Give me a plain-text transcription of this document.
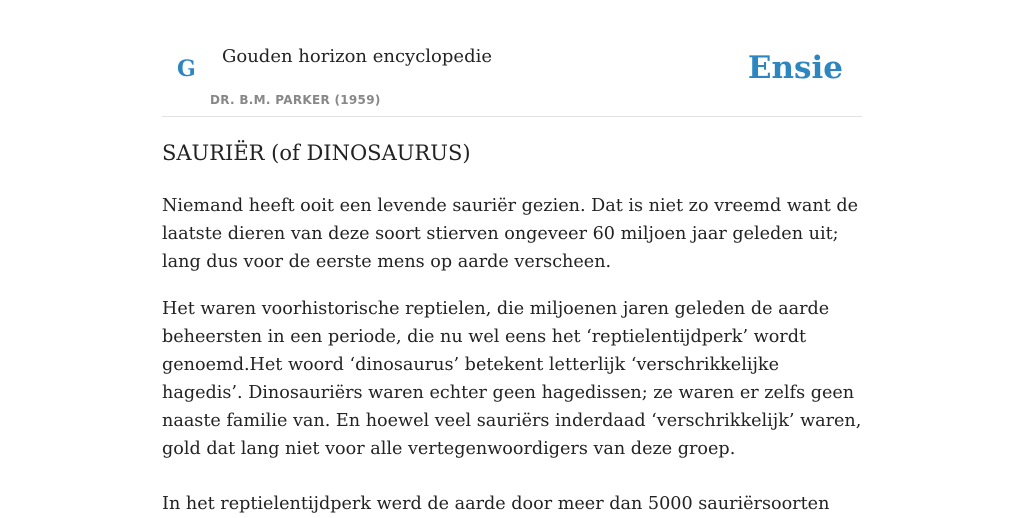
G Gouden horizon encyclopedie
DR. B.M. PARKER (1959)
Ensie
SAURIËR (of DINOSAURUS)

Niemand heeft ooit een levende sauriër gezien. Dat is niet zo vreemd want de laatste dieren van deze soort stierven ongeveer 60 miljoen jaar geleden uit; lang dus voor de eerste mens op aarde verscheen.

Het waren voorhistorische reptielen, die miljoenen jaren geleden de aarde beheersten in een periode, die nu wel eens het ‘reptielentijdperk’ wordt genoemd.Het woord ‘dinosaurus’ betekent letterlijk ‘verschrikkelijke hagedis’. Dinosauriërs waren echter geen hagedissen; ze waren er zelfs geen naaste familie van. En hoewel veel sauriërs inderdaad ‘verschrikkelijk’ waren, gold dat lang niet voor alle vertegenwoordigers van deze groep.

In het reptielentijdperk werd de aarde door meer dan 5000 sauriërsoorten
